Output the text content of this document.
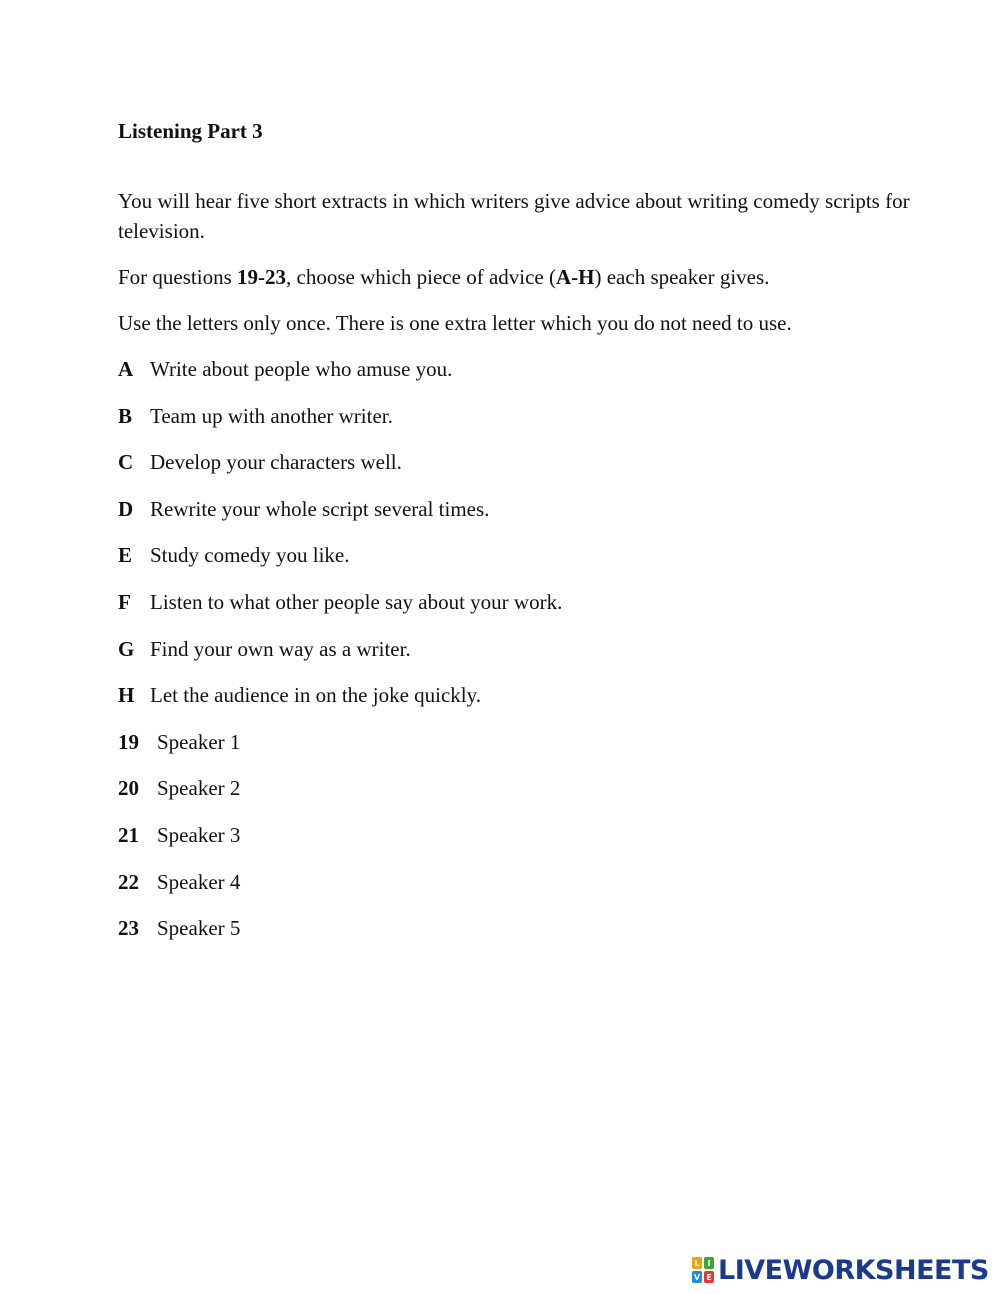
Listening Part 3
You will hear five short extracts in which writers give advice about writing comedy scripts for television.
For questions 19-23, choose which piece of advice (A-H) each speaker gives.
Use the letters only once. There is one extra letter which you do not need to use.
A Write about people who amuse you.
B Team up with another writer.
C Develop your characters well.
D Rewrite your whole script several times.
E Study comedy you like.
F Listen to what other people say about your work.
G Find your own way as a writer.
H Let the audience in on the joke quickly.
19 Speaker 1
20 Speaker 2
21 Speaker 3
22 Speaker 4
23 Speaker 5
L I
V E LIVEWORKSHEETS
